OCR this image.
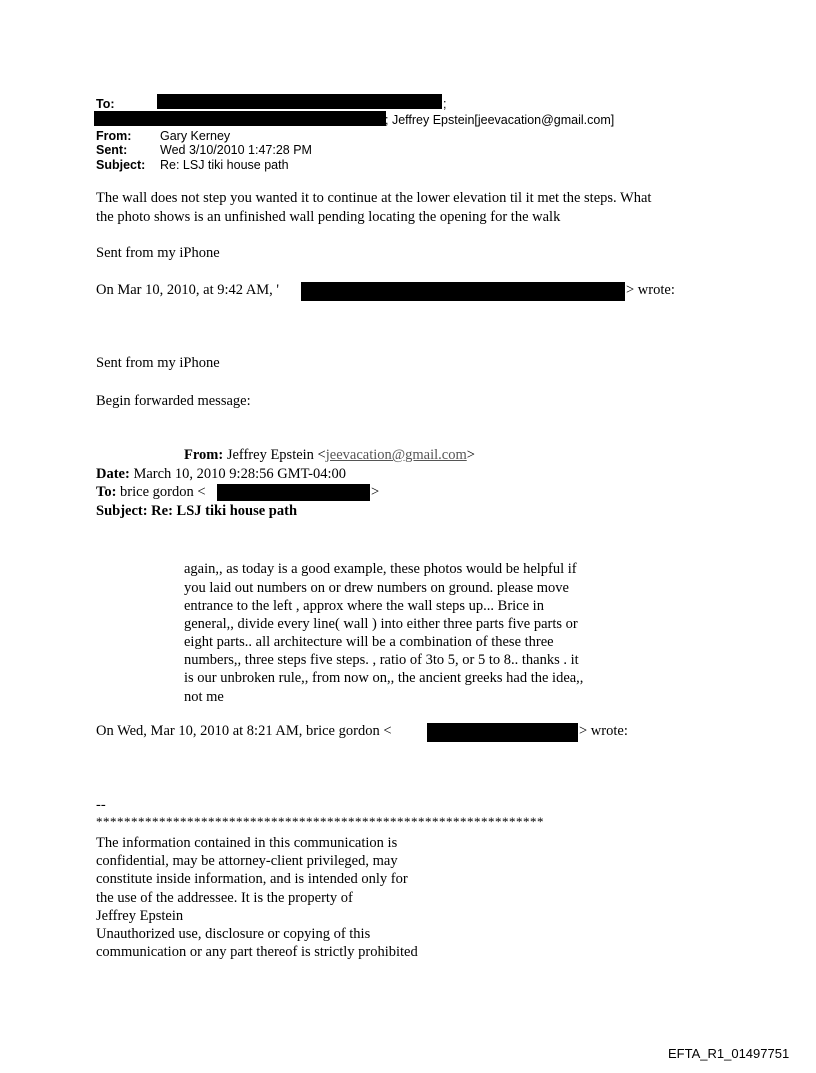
To:	;
; Jeffrey Epstein[jeevacation@gmail.com]
From: Gary Kerney
Sent:	Wed 3/10/2010 1:47:28 PM
Subject: Re: LSJ tiki house path
The wall does not step you wanted it to continue at the lower elevation til it met the steps. What
the photo shows is an unfinished wall pending locating the opening for the walk
Sent from my iPhone
On Mar 10, 2010, at 9:42 AM, '	> wrote:
Sent from my iPhone
Begin forwarded message:
From: Jeffrey Epstein <jeevacation@gmail.com>
Date: March 10, 2010 9:28:56 GMT-04:00
To: brice gordon <	>
Subject: Re: LSJ tiki house path
again,, as today is a good example, these photos would be helpful if
you laid out numbers on or drew numbers on ground. please move
entrance to the left , approx where the wall steps up... Brice in
general,, divide every line( wall ) into either three parts five parts or
eight parts.. all architecture will be a combination of these three
numbers,, three steps five steps. , ratio of 3to 5, or 5 to 8.. thanks . it
is our unbroken rule,, from now on,, the ancient greeks had the idea,,
not me
On Wed, Mar 10, 2010 at 8:21 AM, brice gordon <	> wrote:
--
****************************************************************
The information contained in this communication is
confidential, may be attorney-client privileged, may
constitute inside information, and is intended only for
the use of the addressee. It is the property of
Jeffrey Epstein
Unauthorized use, disclosure or copying of this
communication or any part thereof is strictly prohibited
EFTA_R1_01497751
